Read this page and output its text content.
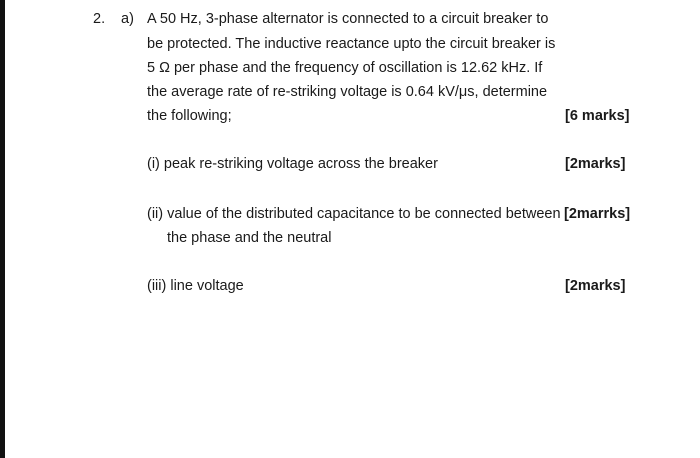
2. a) A 50 Hz, 3-phase alternator is connected to a circuit breaker to
be protected. The inductive reactance upto the circuit breaker is
5 Ω per phase and the frequency of oscillation is 12.62 kHz. If
the average rate of re-striking voltage is 0.64 kV/μs, determine
the following;	[6 marks]
(i) peak re-striking voltage across the breaker	[2marks]
(ii) value of the distributed capacitance to be connected between
the phase and the neutral
[2marrks]
(iii) line voltage	[2marks]
